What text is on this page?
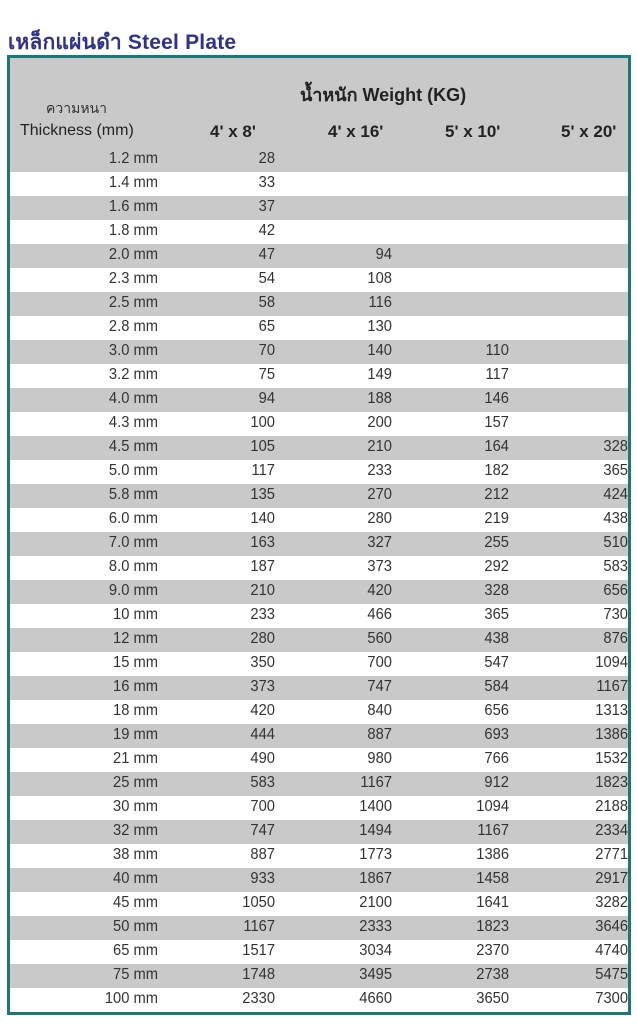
เหล็กแผ่นดำ Steel Plate
น้ำหนัก Weight (KG)
ความหนา
Thickness (mm)	4' x 8'	4' x 16'	5' x 10'	5' x 20'
1.2 mm	28
1.4 mm	33
1.6 mm	37
1.8 mm	42
2.0 mm	47	94
2.3 mm	54	108
2.5 mm	58	116
2.8 mm	65	130
3.0 mm	70	140	110
3.2 mm	75	149	117
4.0 mm	94	188	146
4.3 mm	100	200	157
4.5 mm	105	210	164	328
5.0 mm	117	233	182	365
5.8 mm	135	270	212	424
6.0 mm	140	280	219	438
7.0 mm	163	327	255	510
8.0 mm	187	373	292	583
9.0 mm	210	420	328	656
10 mm	233	466	365	730
12 mm	280	560	438	876
15 mm	350	700	547	1094
16 mm	373	747	584	1167
18 mm	420	840	656	1313
19 mm	444	887	693	1386
21 mm	490	980	766	1532
25 mm	583	1167	912	1823
30 mm	700	1400	1094	2188
32 mm	747	1494	1167	2334
38 mm	887	1773	1386	2771
40 mm	933	1867	1458	2917
45 mm	1050	2100	1641	3282
50 mm	1167	2333	1823	3646
65 mm	1517	3034	2370	4740
75 mm	1748	3495	2738	5475
100 mm	2330	4660	3650	7300
